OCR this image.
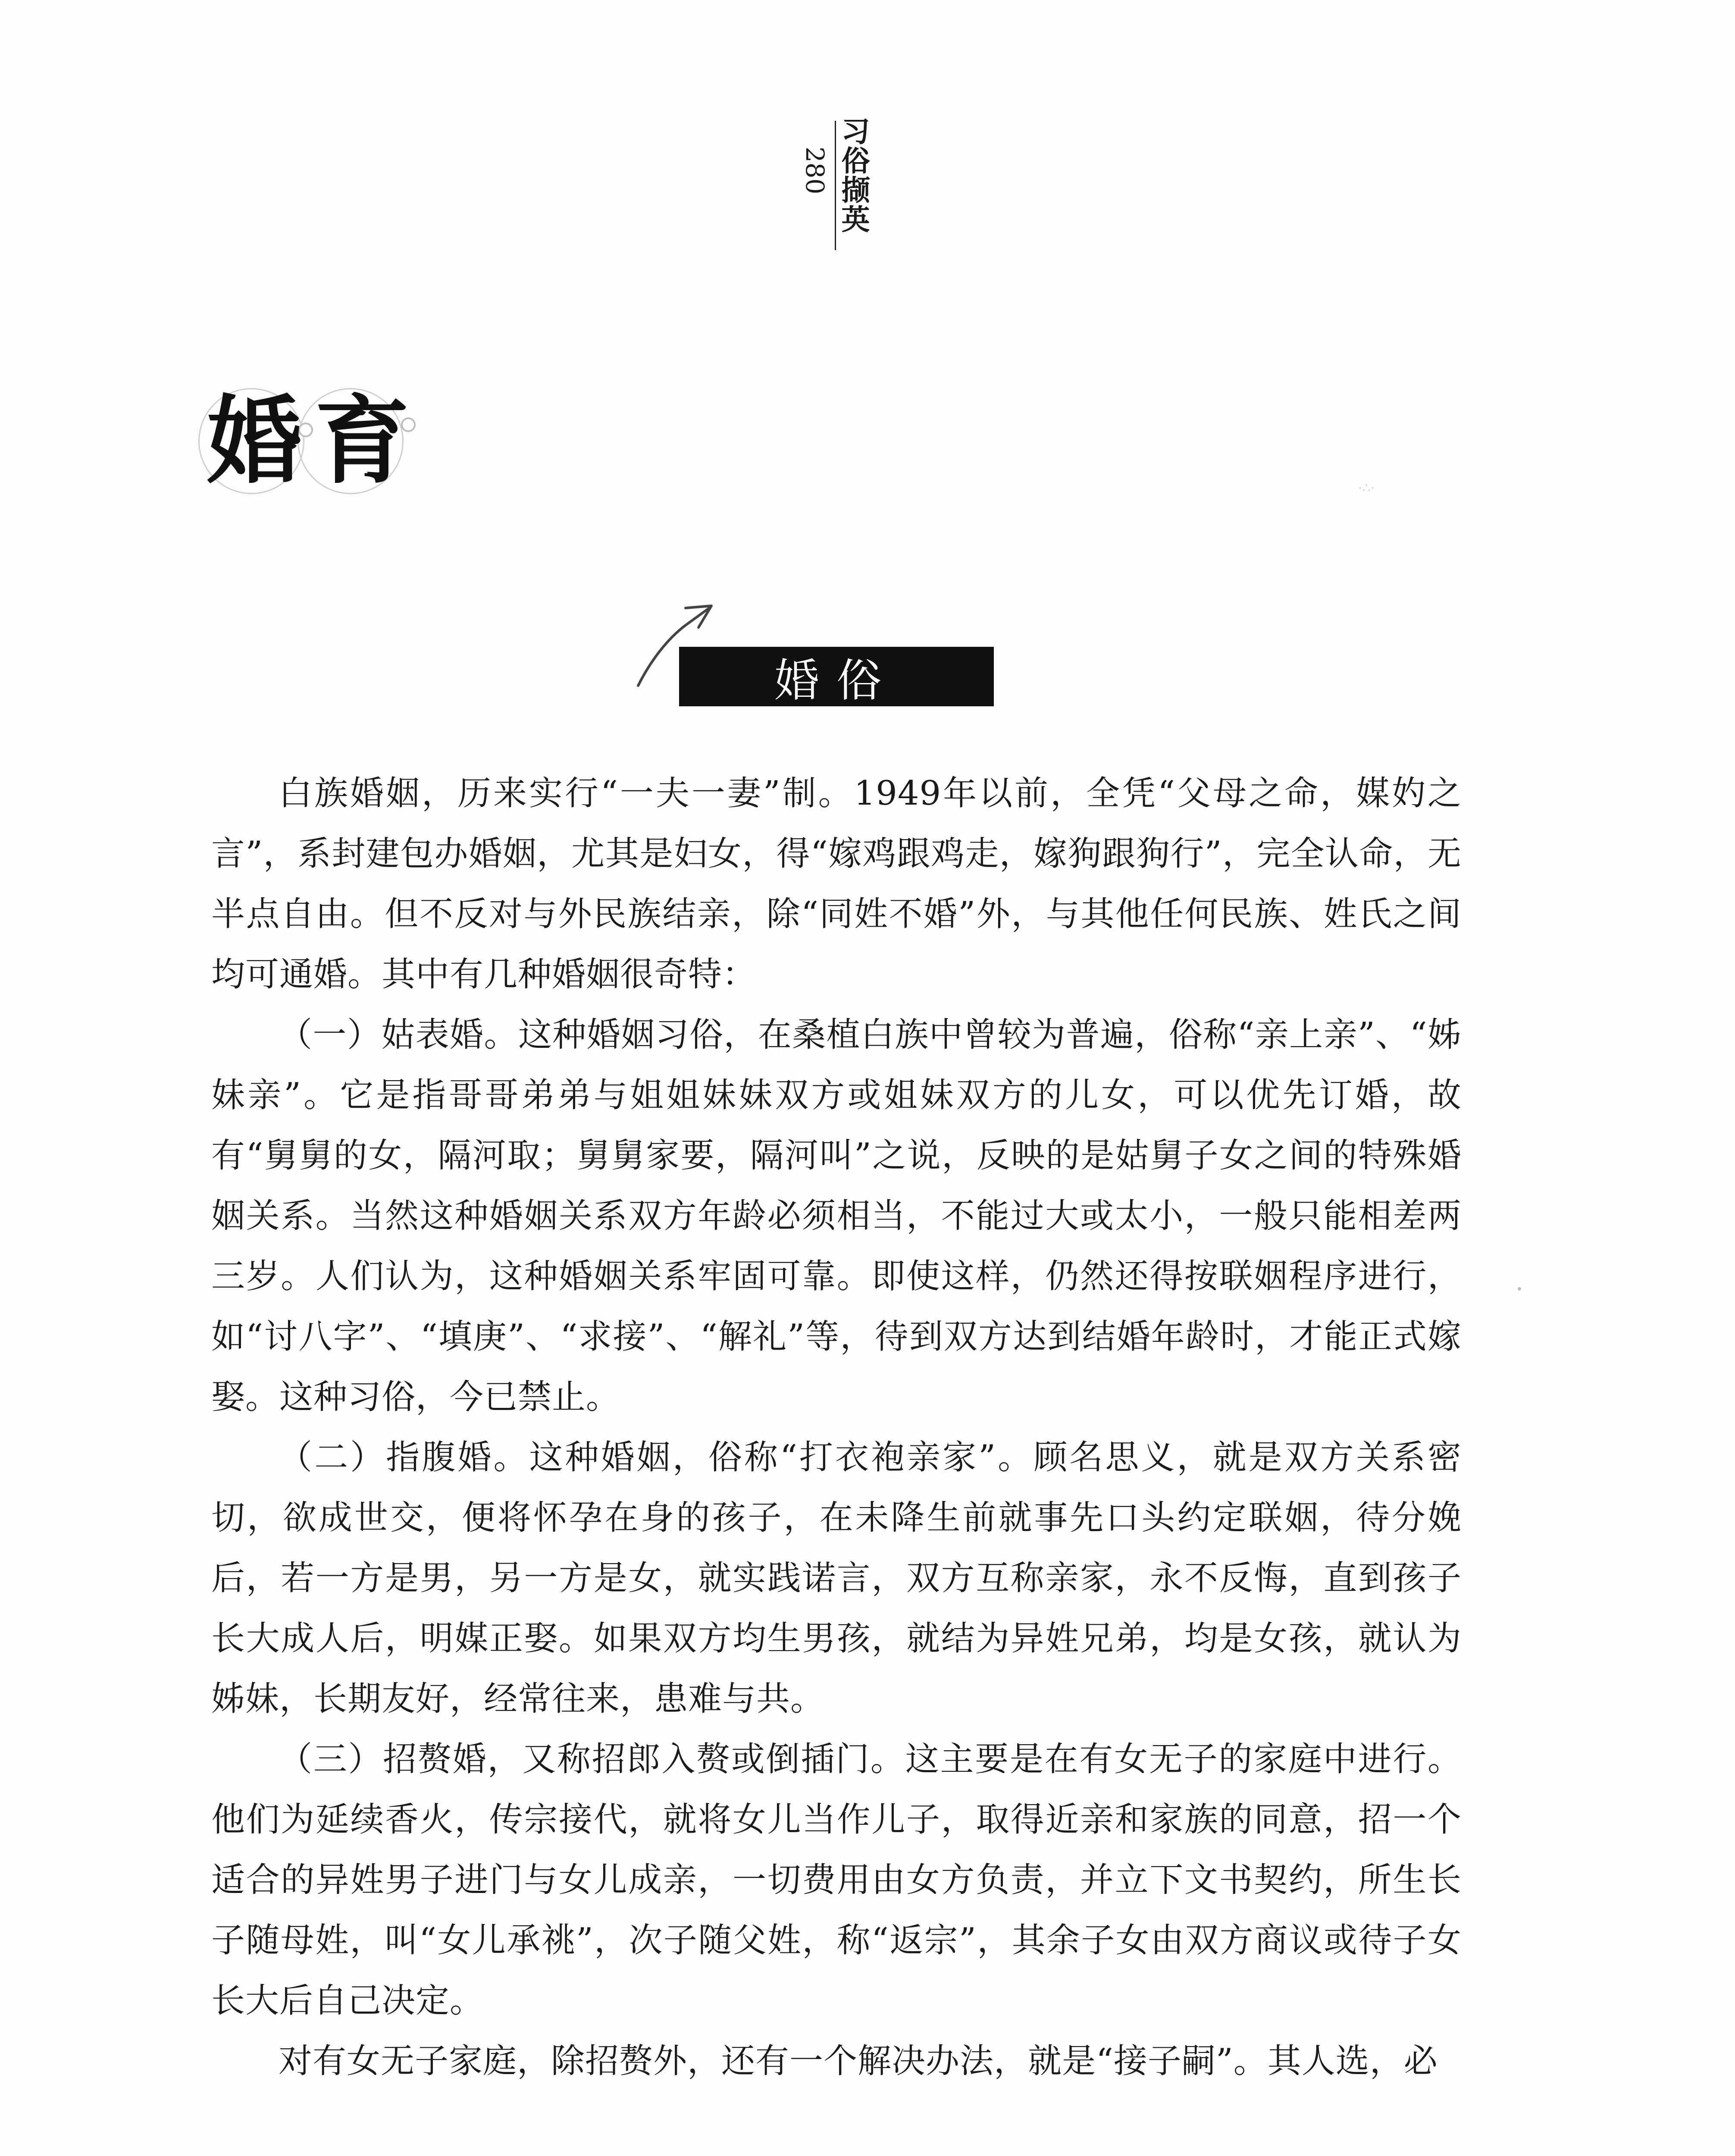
习俗撷英
280
婚育
婚俗
·∴·

白族婚姻，历来实行“一夫一妻”制。1949年以前，全凭“父母之命，媒妁之言”，系封建包办婚姻，尤其是妇女，得“嫁鸡跟鸡走，嫁狗跟狗行”，完全认命，无半点自由。但不反对与外民族结亲，除“同姓不婚”外，与其他任何民族、姓氏之间均可通婚。其中有几种婚姻很奇特：

（一）姑表婚。这种婚姻习俗，在桑植白族中曾较为普遍，俗称“亲上亲”、“姊妹亲”。它是指哥哥弟弟与姐姐妹妹双方或姐妹双方的儿女，可以优先订婚，故有“舅舅的女，隔河取；舅舅家要，隔河叫”之说，反映的是姑舅子女之间的特殊婚姻关系。当然这种婚姻关系双方年龄必须相当，不能过大或太小，一般只能相差两三岁。人们认为，这种婚姻关系牢固可靠。即使这样，仍然还得按联姻程序进行，如“讨八字”、“填庚”、“求接”、“解礼”等，待到双方达到结婚年龄时，才能正式嫁娶。这种习俗，今已禁止。

（二）指腹婚。这种婚姻，俗称“打衣袍亲家”。顾名思义，就是双方关系密切，欲成世交，便将怀孕在身的孩子，在未降生前就事先口头约定联姻，待分娩后，若一方是男，另一方是女，就实践诺言，双方互称亲家，永不反悔，直到孩子长大成人后，明媒正娶。如果双方均生男孩，就结为异姓兄弟，均是女孩，就认为姊妹，长期友好，经常往来，患难与共。

（三）招赘婚，又称招郎入赘或倒插门。这主要是在有女无子的家庭中进行。他们为延续香火，传宗接代，就将女儿当作儿子，取得近亲和家族的同意，招一个适合的异姓男子进门与女儿成亲，一切费用由女方负责，并立下文书契约，所生长子随母姓，叫“女儿承祧”，次子随父姓，称“返宗”，其余子女由双方商议或待子女长大后自己决定。

对有女无子家庭，除招赘外，还有一个解决办法，就是“接子嗣”。其人选，必
